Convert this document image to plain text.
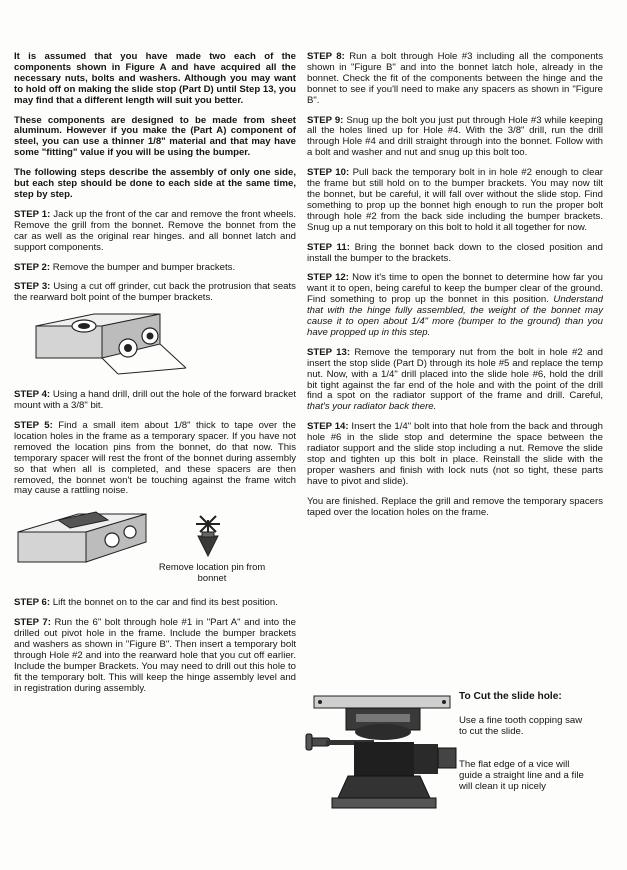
It is assumed that you have made two each of the components shown in Figure A and have acquired all the necessary nuts, bolts and washers. Although you may want to hold off on making the slide stop (Part D) until Step 13, you may find that a different length will suit you better.

These components are designed to be made from sheet aluminum. However if you make the (Part A) component of steel, you can use a thinner 1/8" material and that may have some "fitting" value if you will be using the bumper.

The following steps describe the assembly of only one side, but each step should be done to each side at the same time, step by step.

STEP 1: Jack up the front of the car and remove the front wheels. Remove the grill from the bonnet. Remove the bonnet from the car as well as the original rear hinges. and all bonnet latch and support components.

STEP 2: Remove the bumper and bumper brackets.

STEP 3: Using a cut off grinder, cut back the protrusion that seats the rearward bolt point of the bumper brackets.

STEP 4: Using a hand drill, drill out the hole of the forward bracket mount with a 3/8" bit.

STEP 5: Find a small item about 1/8" thick to tape over the location holes in the frame as a temporary spacer. If you have not removed the location pins from the bonnet, do that now. This temporary spacer will rest the front of the bonnet during assembly so that when all is completed, and these spacers are then removed, the bonnet won't be touching against the frame witch may cause a rattling noise.

Remove location pin from bonnet

STEP 6: Lift the bonnet on to the car and find its best position.

STEP 7: Run the 6" bolt through hole #1 in "Part A" and into the drilled out pivot hole in the frame. Include the bumper brackets and washers as shown in "Figure B". Then insert a temporary bolt through Hole #2 and into the rearward hole that you cut off earlier. Include the bumper Brackets. You may need to drill out this hole to fit the temporary bolt. This will keep the hinge assembly level and in registration during assembly.

STEP 8: Run a bolt through Hole #3 including all the components shown in "Figure B" and into the bonnet latch hole, already in the bonnet. Check the fit of the components between the hinge and the bonnet to see if you'll need to make any spacers as shown in "Figure B".

STEP 9: Snug up the bolt you just put through Hole #3 while keeping all the holes lined up for Hole #4. With the 3/8" drill, run the drill through Hole #4 and drill straight through into the bonnet. Follow with a bolt and washer and nut and snug up this bolt too.

STEP 10: Pull back the temporary bolt in in hole #2 enough to clear the frame but still hold on to the bumper brackets. You may now tilt the bonnet, but be careful, it will fall over without the slide stop. Find something to prop up the bonnet high enough to run the proper bolt through hole #2 from the back side including the bumper brackets. Snug up a nut temporary on this bolt to hold it all together for now.

STEP 11: Bring the bonnet back down to the closed position and install the bumper to the brackets.

STEP 12: Now it's time to open the bonnet to determine how far you want it to open, being careful to keep the bumper clear of the ground. Find something to prop up the bonnet in this position. Understand that with the hinge fully assembled, the weight of the bonnet may cause it to open about 1/4" more (bumper to the ground) than you have propped up in this step.

STEP 13: Remove the temporary nut from the bolt in hole #2 and insert the stop slide (Part D) through its hole #5 and replace the temp nut. Now, with a 1/4" drill placed into the slide hole #6, hold the drill bit tight against the far end of the hole and with the point of the drill find a spot on the radiator support of the frame and drill. Careful, that's your radiator back there.

STEP 14: Insert the 1/4" bolt into that hole from the back and through hole #6 in the slide stop and determine the space between the radiator support and the slide stop including a nut. Remove the slide stop and tighten up this bolt in place. Reinstall the slide with the proper washers and finish with lock nuts (not so tight, these parts have to pivot and slide).

You are finished. Replace the grill and remove the temporary spacers taped over the location holes on the frame.

To Cut the slide hole:
Use a fine tooth copping saw to cut the slide.
The flat edge of a vice will guide a straight line and a file will clean it up nicely
